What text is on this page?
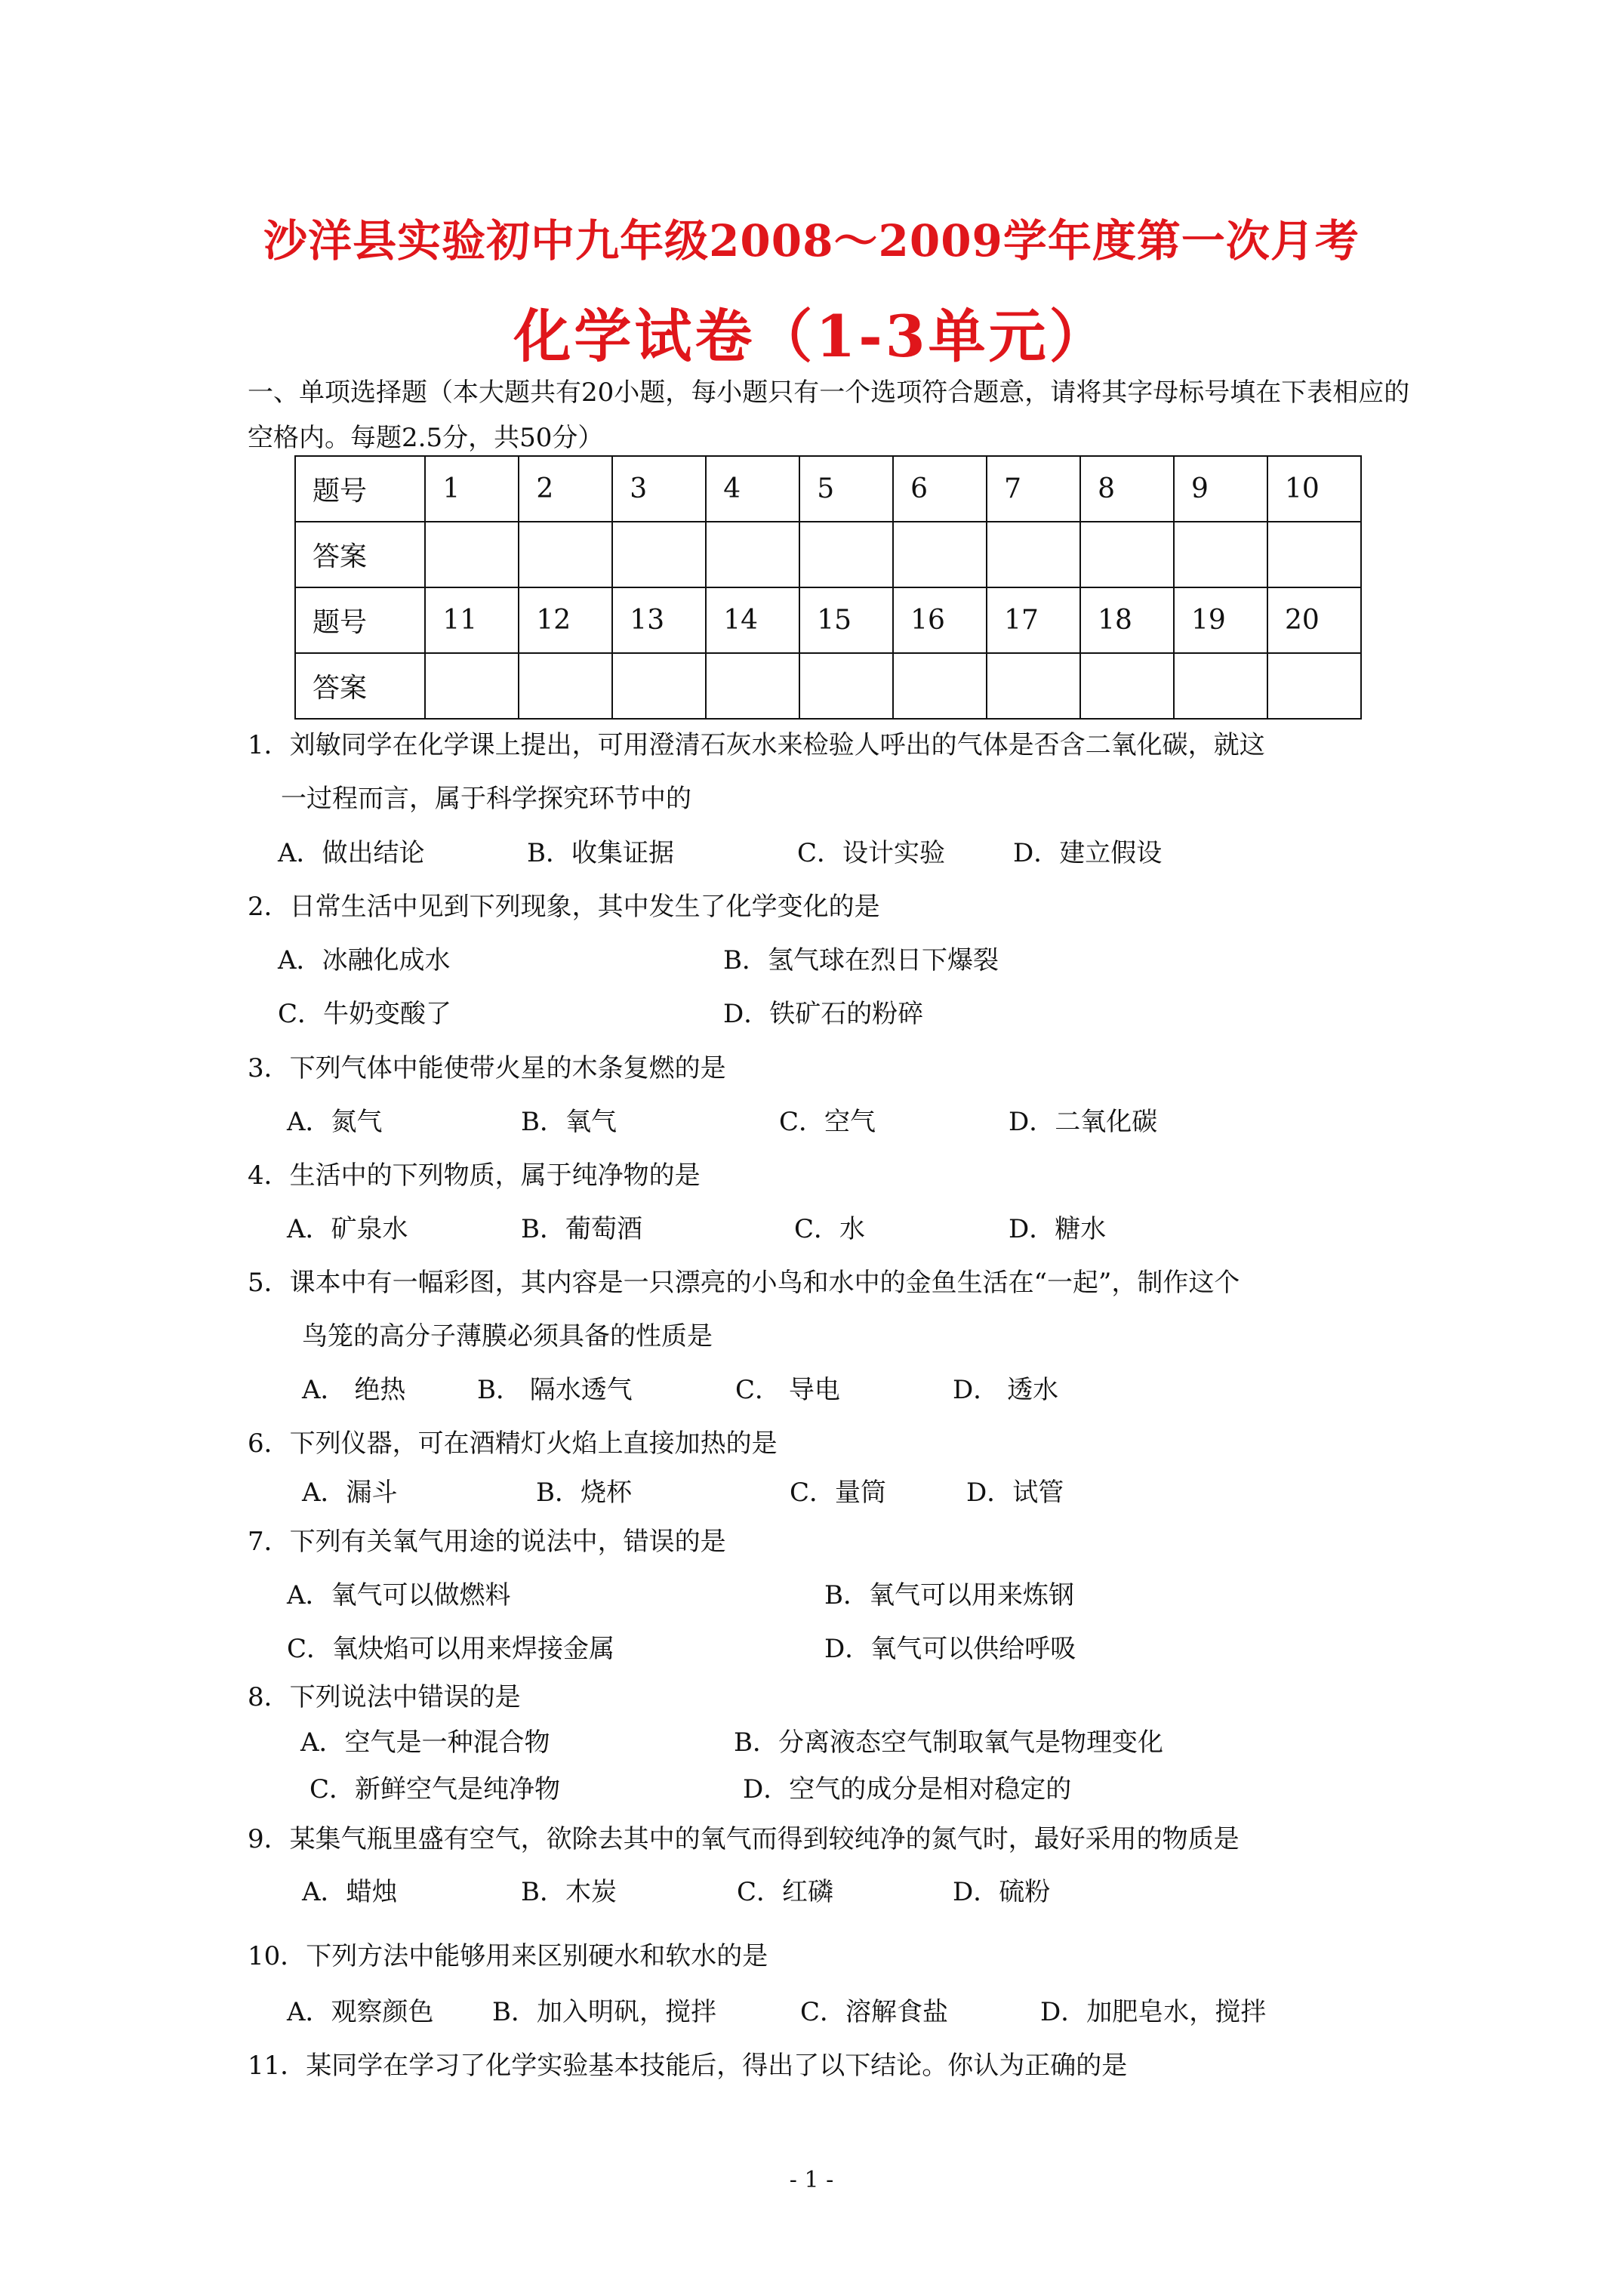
沙洋县实验初中九年级2008～2009学年度第一次月考
化学试卷（1-3单元）
一、单项选择题（本大题共有20小题，每小题只有一个选项符合题意，请将其字母标号填在下表相应的空格内。每题2.5分，共50分）
题号	1	2	3	4	5	6	7	8	9	10
答案										
题号	11	12	13	14	15	16	17	18	19	20
答案										
1．刘敏同学在化学课上提出，可用澄清石灰水来检验人呼出的气体是否含二氧化碳，就这
一过程而言，属于科学探究环节中的
A．做出结论	B．收集证据	C．设计实验	D．建立假设
2．日常生活中见到下列现象，其中发生了化学变化的是
A．冰融化成水	B．氢气球在烈日下爆裂
C．牛奶变酸了	D．铁矿石的粉碎
3．下列气体中能使带火星的木条复燃的是
A．氮气	B．氧气	C．空气	D．二氧化碳
4．生活中的下列物质，属于纯净物的是
A．矿泉水	B．葡萄酒	C．水	D．糖水
5．课本中有一幅彩图，其内容是一只漂亮的小鸟和水中的金鱼生活在“一起”，制作这个
鸟笼的高分子薄膜必须具备的性质是
A． 绝热	B． 隔水透气	C． 导电	D． 透水
6．下列仪器，可在酒精灯火焰上直接加热的是
A．漏斗	B．烧杯	C．量筒	D．试管
7．下列有关氧气用途的说法中，错误的是
A．氧气可以做燃料	B．氧气可以用来炼钢
C．氧炔焰可以用来焊接金属	D．氧气可以供给呼吸
8．下列说法中错误的是
A．空气是一种混合物	B．分离液态空气制取氧气是物理变化
C．新鲜空气是纯净物	D．空气的成分是相对稳定的
9．某集气瓶里盛有空气，欲除去其中的氧气而得到较纯净的氮气时，最好采用的物质是
A．蜡烛	B．木炭	C．红磷	D．硫粉
10．下列方法中能够用来区别硬水和软水的是
A．观察颜色 B．加入明矾，搅拌	C．溶解食盐	D．加肥皂水，搅拌
11．某同学在学习了化学实验基本技能后，得出了以下结论。你认为正确的是
- 1 -
